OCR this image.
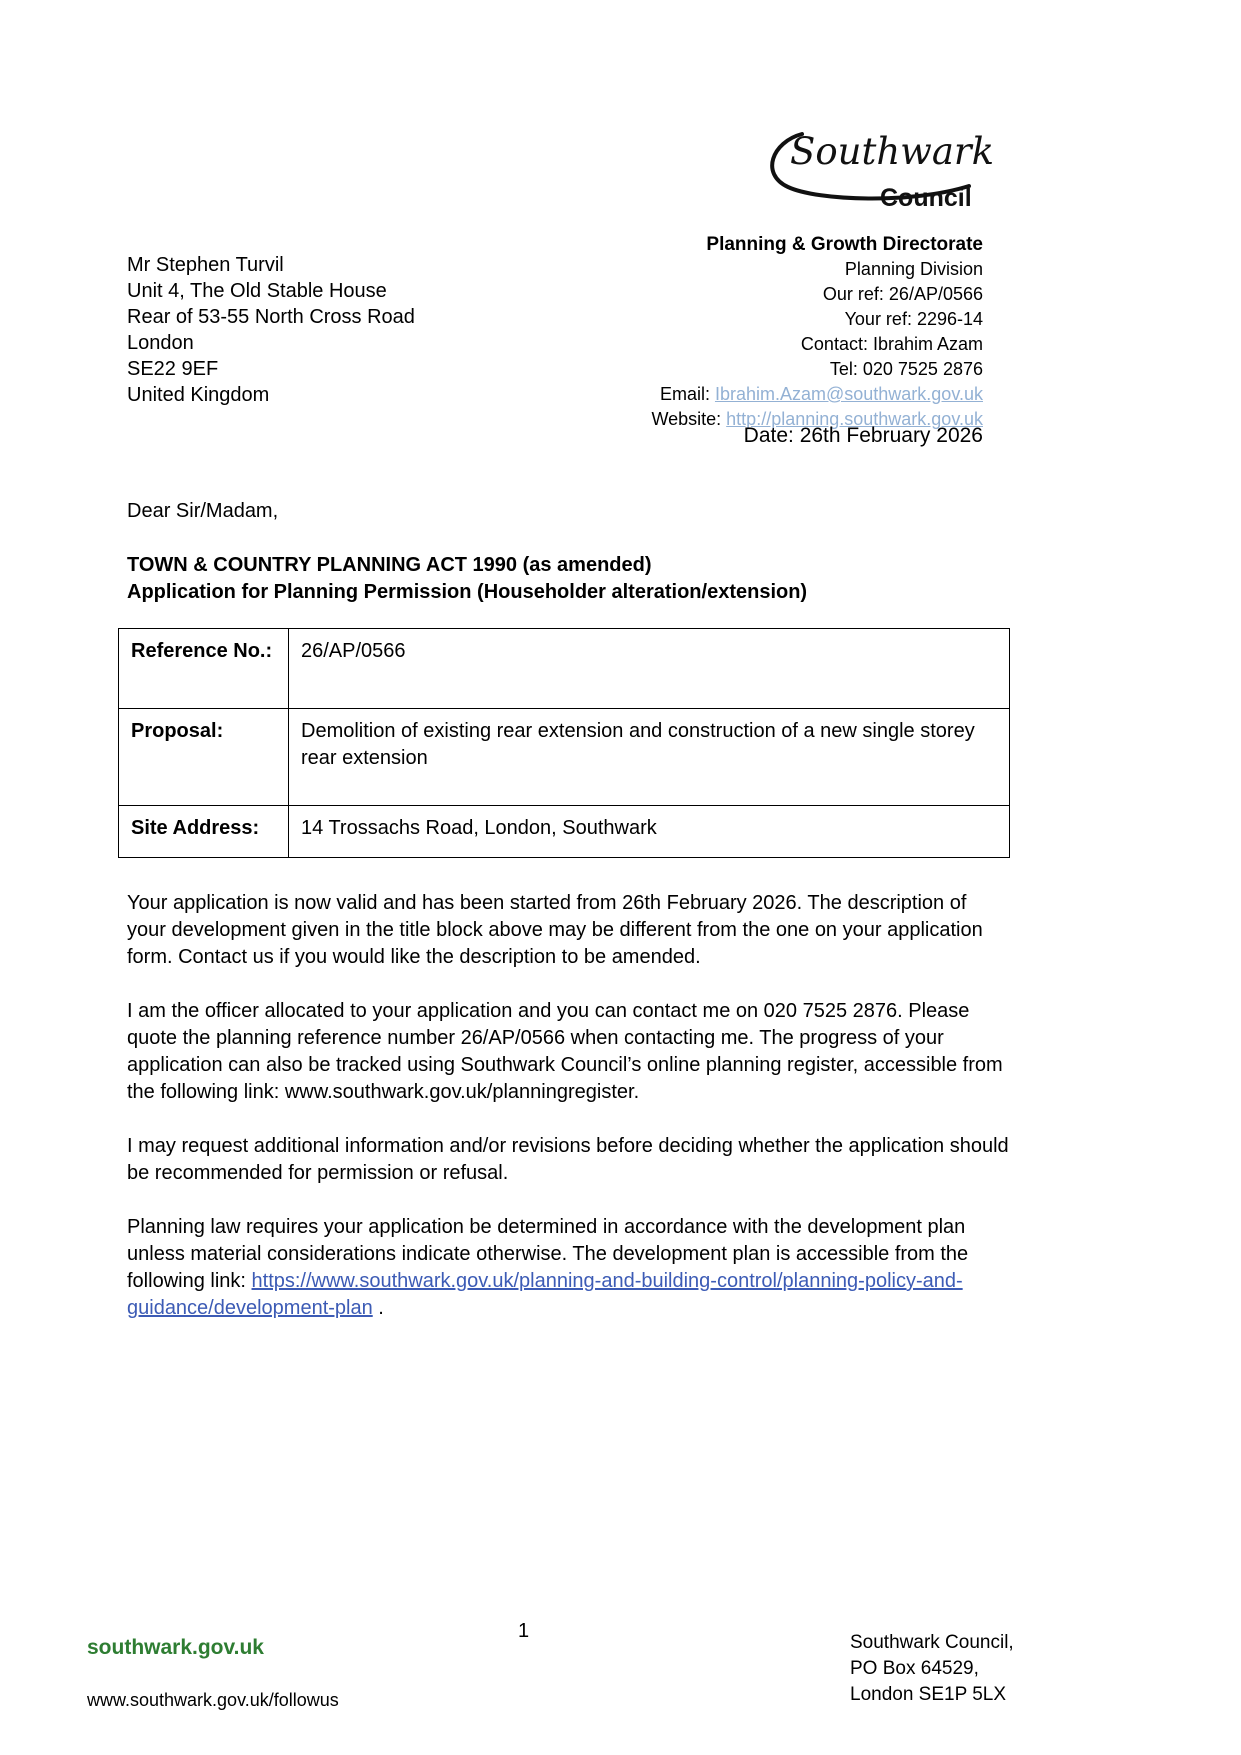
Southwark
Council
Mr Stephen Turvil
Unit 4, The Old Stable House
Rear of 53-55 North Cross Road
London
SE22 9EF
United Kingdom
Planning & Growth Directorate
Planning Division
Our ref: 26/AP/0566
Your ref: 2296-14
Contact: Ibrahim Azam
Tel: 020 7525 2876
Email: Ibrahim.Azam@southwark.gov.uk
Website: http://planning.southwark.gov.uk
Date: 26th February 2026
Dear Sir/Madam,
TOWN & COUNTRY PLANNING ACT 1990 (as amended)
Application for Planning Permission (Householder alteration/extension)
Reference No.:	26/AP/0566
Proposal:	Demolition of existing rear extension and construction of a new single storey rear extension
Site Address:	14 Trossachs Road, London, Southwark

Your application is now valid and has been started from 26th February 2026. The description of your development given in the title block above may be different from the one on your application form. Contact us if you would like the description to be amended.

I am the officer allocated to your application and you can contact me on 020 7525 2876. Please quote the planning reference number 26/AP/0566 when contacting me. The progress of your application can also be tracked using Southwark Council’s online planning register, accessible from the following link: www.southwark.gov.uk/planningregister.

I may request additional information and/or revisions before deciding whether the application should be recommended for permission or refusal.

Planning law requires your application be determined in accordance with the development plan unless material considerations indicate otherwise. The development plan is accessible from the following link: https://www.southwark.gov.uk/planning-and-building-control/planning-policy-and-guidance/development-plan .

southwark.gov.uk
www.southwark.gov.uk/followus
1
Southwark Council,
PO Box 64529,
London SE1P 5LX
